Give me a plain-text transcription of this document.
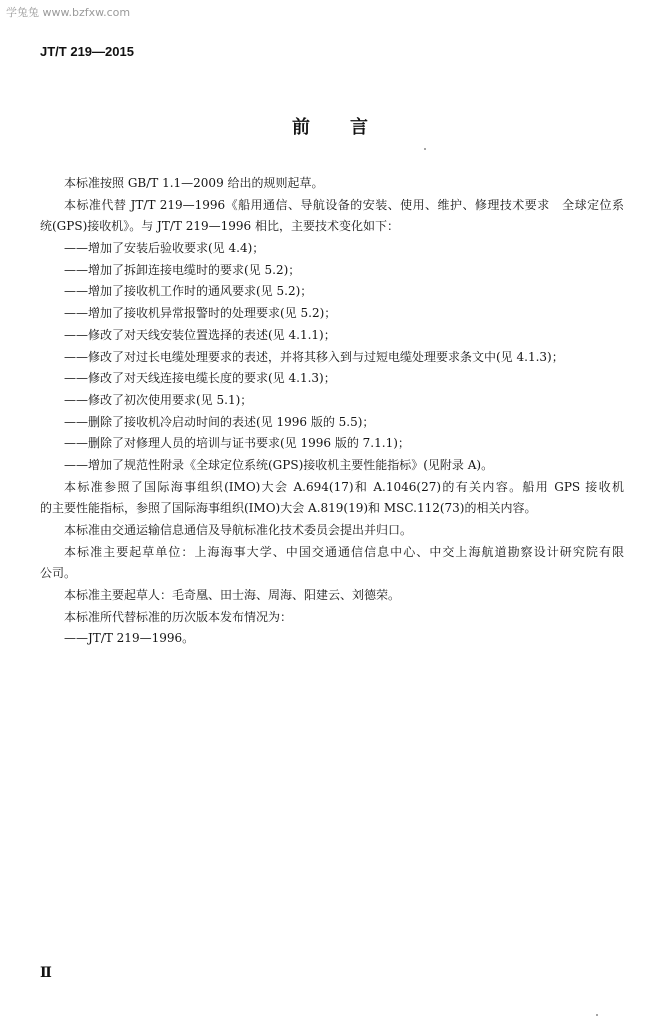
学兔兔 www.bzfxw.com
JT/T 219—2015
前言
本标准按照 GB/T 1.1—2009 给出的规则起草。
本标准代替 JT/T 219—1996《船用通信、导航设备的安装、使用、维护、修理技术要求　全球定位系
统(GPS)接收机》。与 JT/T 219—1996 相比，主要技术变化如下：
——增加了安装后验收要求(见 4.4)；
——增加了拆卸连接电缆时的要求(见 5.2)；
——增加了接收机工作时的通风要求(见 5.2)；
——增加了接收机异常报警时的处理要求(见 5.2)；
——修改了对天线安装位置选择的表述(见 4.1.1)；
——修改了对过长电缆处理要求的表述，并将其移入到与过短电缆处理要求条文中(见 4.1.3)；
——修改了对天线连接电缆长度的要求(见 4.1.3)；
——修改了初次使用要求(见 5.1)；
——删除了接收机冷启动时间的表述(见 1996 版的 5.5)；
——删除了对修理人员的培训与证书要求(见 1996 版的 7.1.1)；
——增加了规范性附录《全球定位系统(GPS)接收机主要性能指标》(见附录 A)。
本标准参照了国际海事组织(IMO)大会 A.694(17)和 A.1046(27)的有关内容。船用 GPS 接收机
的主要性能指标，参照了国际海事组织(IMO)大会 A.819(19)和 MSC.112(73)的相关内容。
本标准由交通运输信息通信及导航标准化技术委员会提出并归口。
本标准主要起草单位：上海海事大学、中国交通通信信息中心、中交上海航道勘察设计研究院有限
公司。
本标准主要起草人：毛奇凰、田士海、周海、阳建云、刘德荣。
本标准所代替标准的历次版本发布情况为：
——JT/T 219—1996。
Ⅱ
